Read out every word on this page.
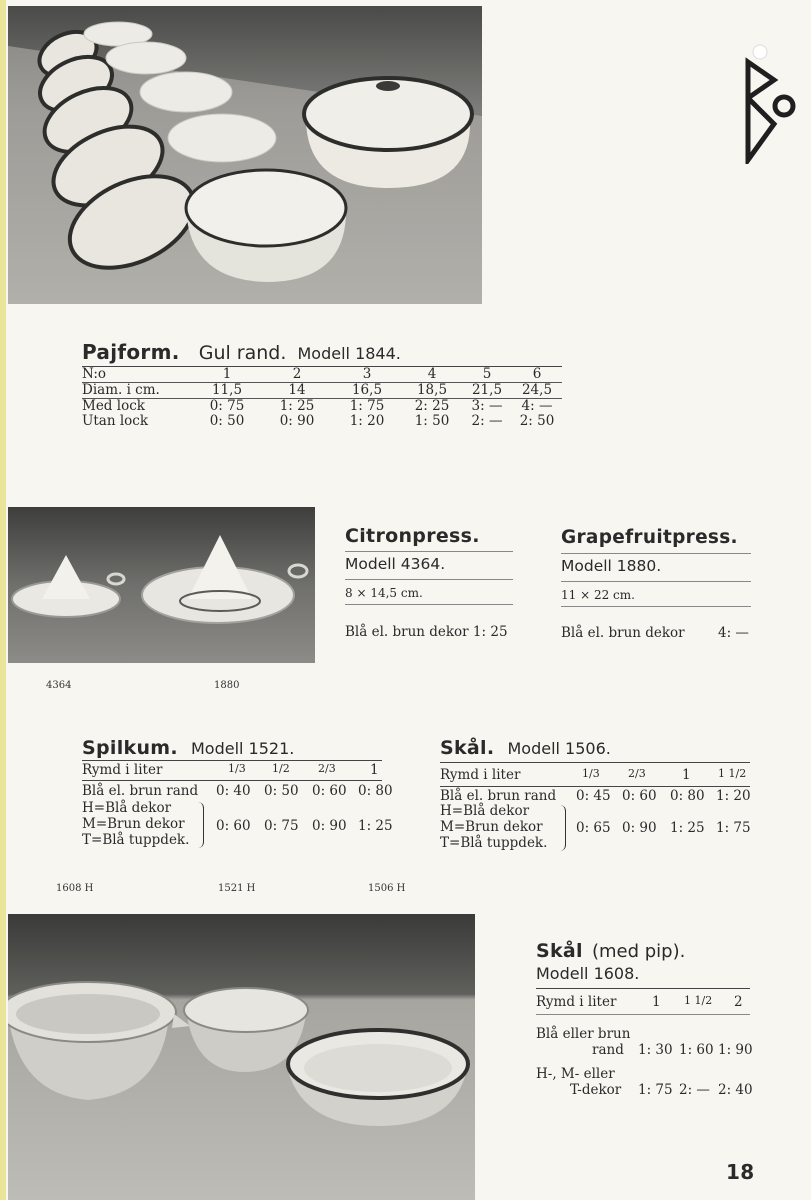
Pajform. Gul rand. Modell 1844.
N:o	1	2	3	4	5	6
Diam. i cm.	11,5	14	16,5	18,5	21,5	24,5
Med lock	0: 75	1: 25	1: 75	2: 25	3: —	4: —
Utan lock	0: 50	0: 90	1: 20	1: 50	2: —	2: 50
4364	1880
Citronpress.
Modell 4364.
8 × 14,5 cm.
Blå el. brun dekor 1: 25
Grapefruitpress.
Modell 1880.
11 × 22 cm.
Blå el. brun dekor 4: —
Spilkum. Modell 1521.
Rymd i liter	1/3 1/2	2/3	1
Blå el. brun rand 0: 40 0: 50 0: 60 0: 80
H=Blå dekor
M=Brun dekor
T=Blå tuppdek.
0: 60 0: 75 0: 90 1: 25
Skål. Modell 1506.
Rymd i liter	1/3	2/3	1 1 1/2
Blå el. brun rand 0: 45 0: 60 0: 80 1: 20
H=Blå dekor
M=Brun dekor
T=Blå tuppdek.
0: 65 0: 90 1: 25 1: 75
1608 H	1521 H	1506 H
Skål (med pip).
Modell 1608.
Rymd i liter	1 1 1/2 2
Blå eller brun
rand 1: 30 1: 60 1: 90
H-, M- eller
T-dekor 1: 75 2: — 2: 40
18
